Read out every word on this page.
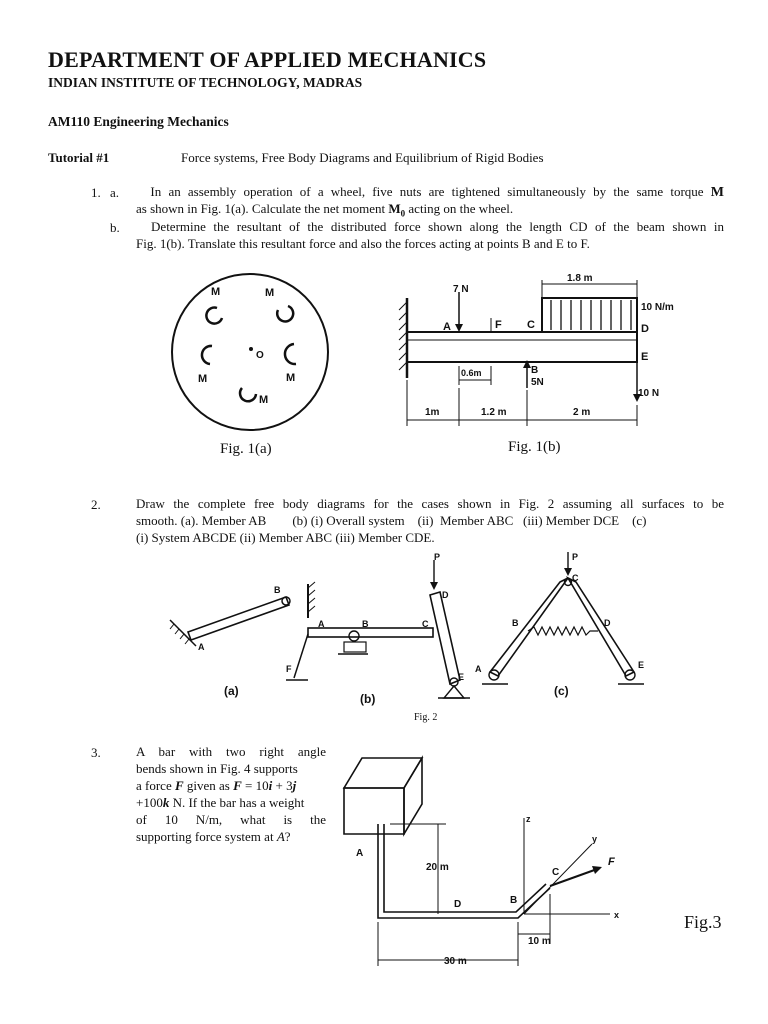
DEPARTMENT OF APPLIED MECHANICS
INDIAN INSTITUTE OF TECHNOLOGY, MADRAS
AM110 Engineering Mechanics
Tutorial #1	Force systems, Free Body Diagrams and Equilibrium of Rigid Bodies
1. a.	In an assembly operation of a wheel, five nuts are tightened simultaneously by the same torque M
as shown in Fig. 1(a). Calculate the net moment $M_0$ acting on the wheel.
b.	Determine the resultant of the distributed force shown along the length CD of the beam shown in
Fig. 1(b). Translate this resultant force and also the forces acting at points B and E to F.
M	M
M	M
M
O
Fig. 1(a)
7 N
A	F C
1.8 m
10 N/m
D
E
B
5N
0.6m
10 N
1m	1.2 m	2 m
Fig. 1(b)
2.	Draw the complete free body diagrams for the cases shown in Fig. 2 assuming all surfaces to be
smooth. (a). Member AB        (b) (i) Overall system    (ii)  Member ABC   (iii) Member DCE    (c)
(i) System ABCDE (ii) Member ABC (iii) Member CDE.
A
B
(a)
F
A	B	C
P
D
E
(b)
P
C
B	D
A	E
(c)
Fig. 2
3.	A bar with two right angle
bends shown in Fig. 4 supports
a force F given as F = 10i + 3j
+100k N. If the bar has a weight
of  10  N/m,  what  is  the
supporting force system at A?
A
F
C
B
D
z
x
y
20 m
30 m
10 m
Fig.3
